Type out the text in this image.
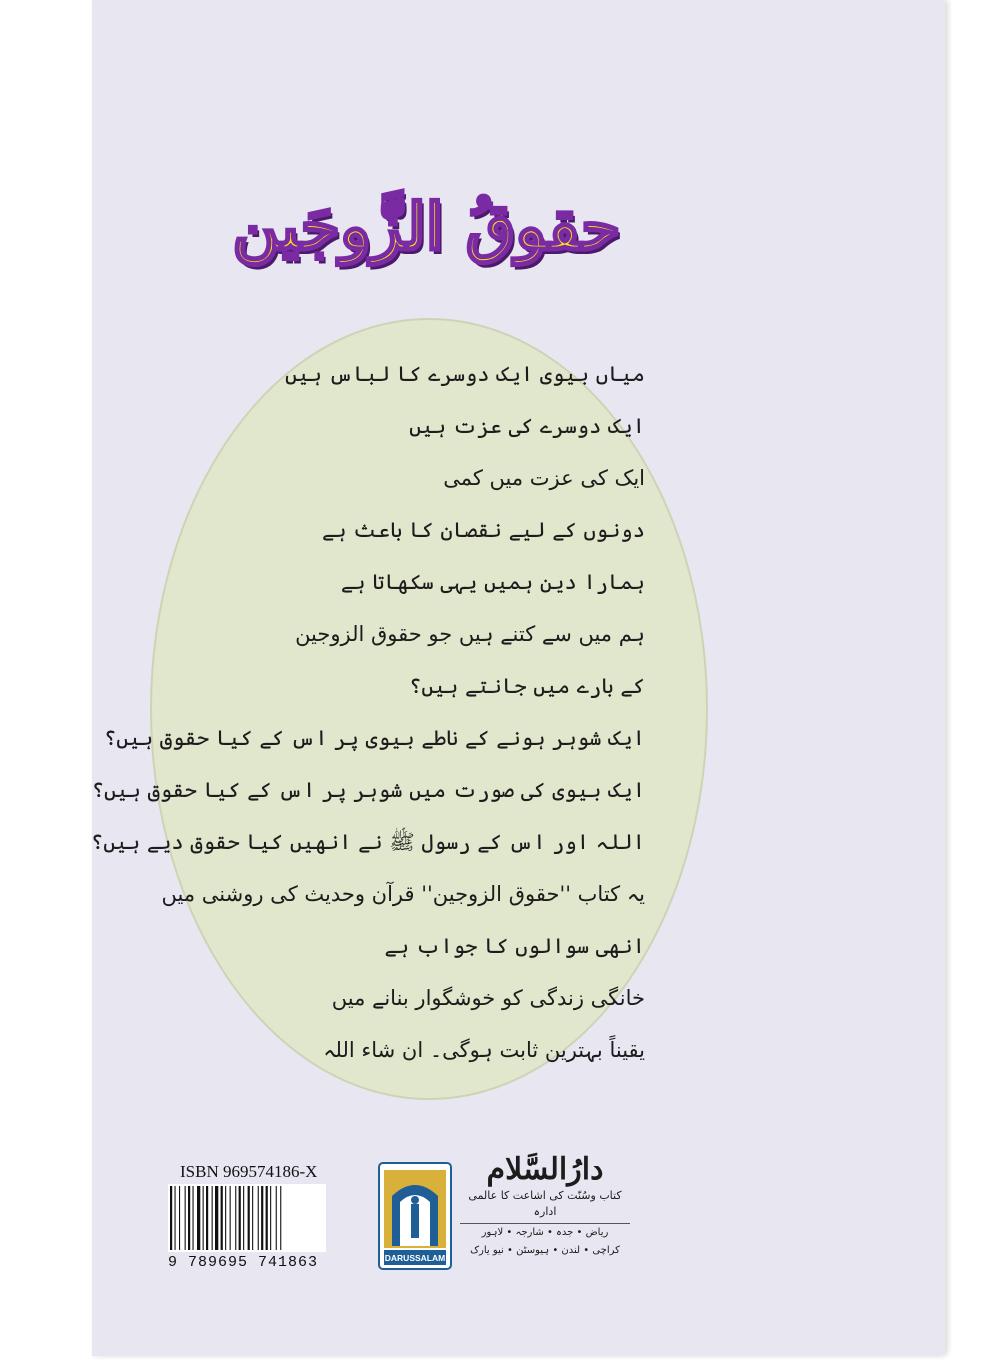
حقوقُ الزَّوجَین
میاں بیوی ایک دوسرے کا لباس ہیں
ایک دوسرے کی عزت ہیں
ایک کی عزت میں کمی
دونوں کے لیے نقصان کا باعث ہے
ہمارا دین ہمیں یہی سکھاتا ہے
ہم میں سے کتنے ہیں جو حقوق الزوجین
کے بارے میں جانتے ہیں؟
ایک شوہر ہونے کے ناطے بیوی پر اس کے کیا حقوق ہیں؟
ایک بیوی کی صورت میں شوہر پر اس کے کیا حقوق ہیں؟
اللہ اور اس کے رسول ﷺ نے انھیں کیا حقوق دیے ہیں؟
یہ کتاب ''حقوق الزوجین'' قرآن وحدیث کی روشنی میں
انھی سوالوں کا جواب ہے
خانگی زندگی کو خوشگوار بنانے میں
یقیناً بہترین ثابت ہوگی۔ ان شاء اللہ
ISBN 969574186-X
9 789695 741863	DARUSSALAM
دارُالسَّلام
کتاب وسُنّت کی اشاعت کا عالمی ادارہ
ریاض • جدہ • شارجہ • لاہور
کراچی • لندن • ہیوسٹن • نیو یارک
